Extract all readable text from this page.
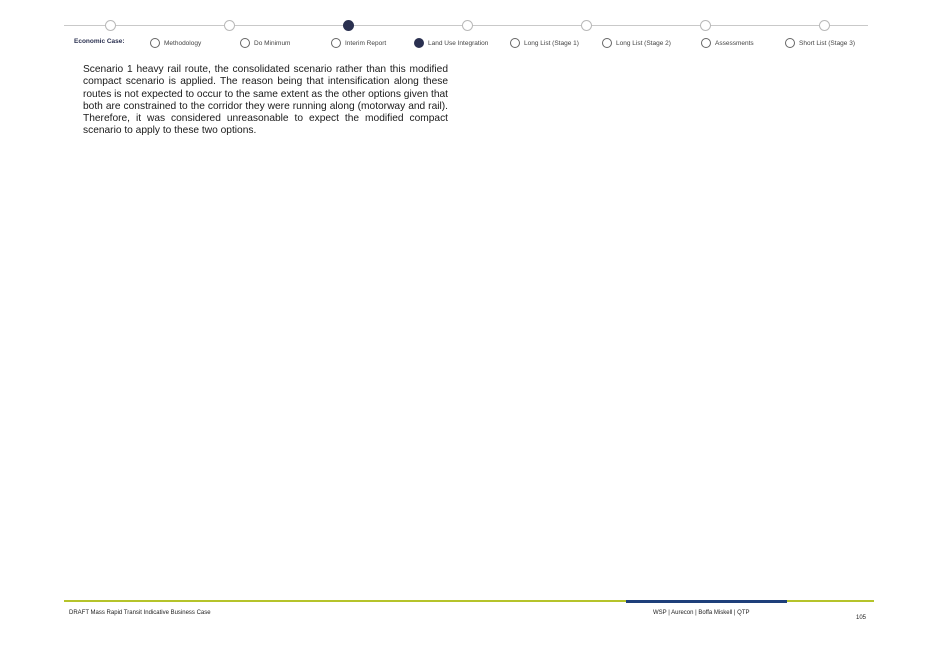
Economic Case:	Methodology	Do Minimum	Interim Report	Land Use Integration	Long List (Stage 1)	Long List (Stage 2)	Assessments	Short List (Stage 3)

Scenario 1 heavy rail route, the consolidated scenario rather than this modified compact scenario is applied. The reason being that intensification along these routes is not expected to occur to the same extent as the other options given that both are constrained to the corridor they were running along (motorway and rail). Therefore, it was considered unreasonable to expect the modified compact scenario to apply to these two options.

DRAFT Mass Rapid Transit Indicative Business Case	WSP | Aurecon | Boffa Miskell | QTP
105
